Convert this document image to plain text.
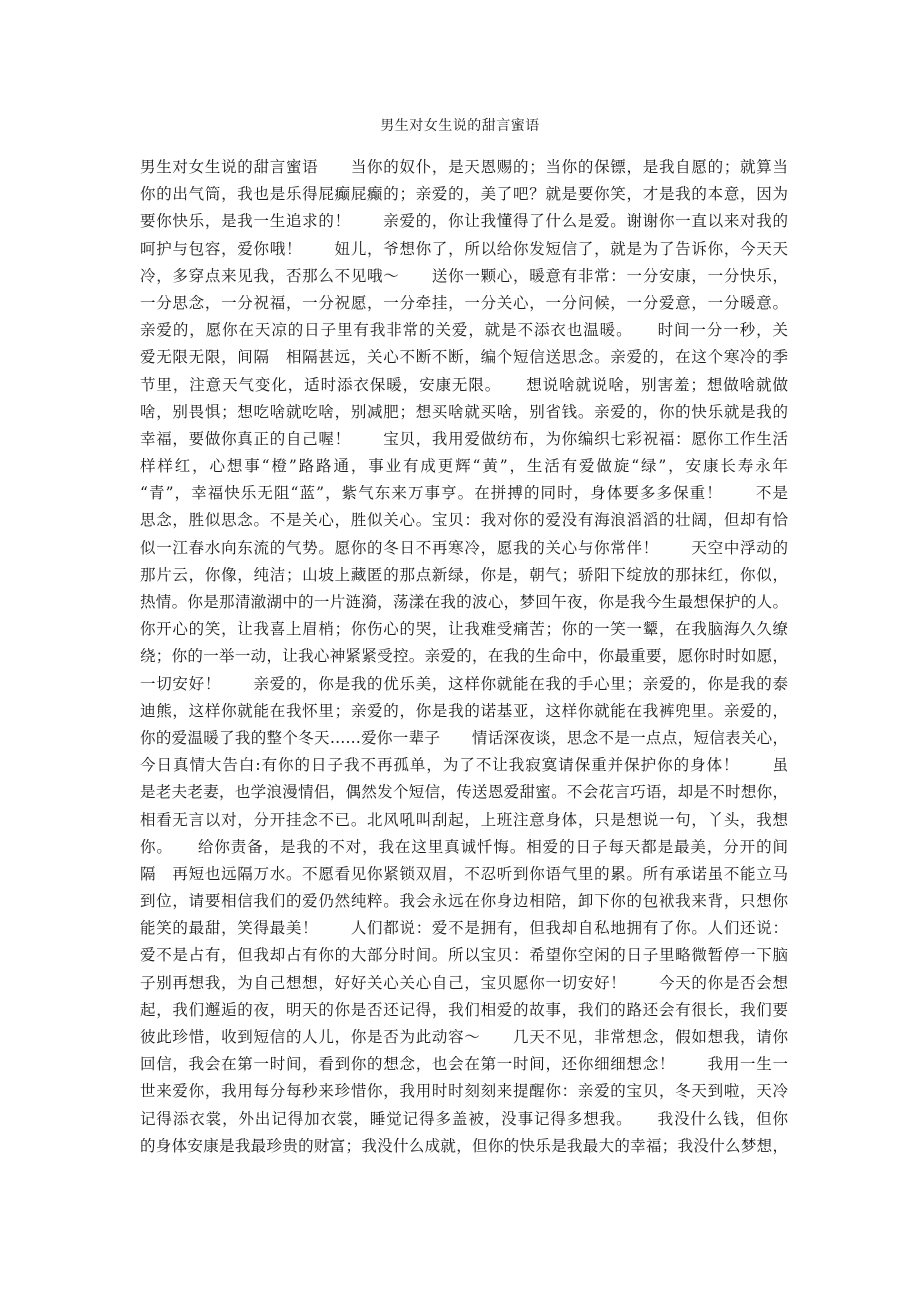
男生对女生说的甜言蜜语
男生对女生说的甜言蜜语　　当你的奴仆，是天恩赐的；当你的保镖，是我自愿的；就算当
你的出气筒，我也是乐得屁癫屁癫的；亲爱的，美了吧？就是要你笑，才是我的本意，因为
要你快乐，是我一生追求的！　　亲爱的，你让我懂得了什么是爱。谢谢你一直以来对我的
呵护与包容，爱你哦！　　妞儿，爷想你了，所以给你发短信了，就是为了告诉你，今天天
冷，多穿点来见我，否那么不见哦～　　送你一颗心，暖意有非常：一分安康，一分快乐，
一分思念，一分祝福，一分祝愿，一分牵挂，一分关心，一分问候，一分爱意，一分暖意。
亲爱的，愿你在天凉的日子里有我非常的关爱，就是不添衣也温暖。　　时间一分一秒，关
爱无限无限，间隔　相隔甚远，关心不断不断，编个短信送思念。亲爱的，在这个寒冷的季
节里，注意天气变化，适时添衣保暖，安康无限。　　想说啥就说啥，别害羞；想做啥就做
啥，别畏惧；想吃啥就吃啥，别减肥；想买啥就买啥，别省钱。亲爱的，你的快乐就是我的
幸福，要做你真正的自己喔！　　宝贝，我用爱做纺布，为你编织七彩祝福：愿你工作生活
样样红，心想事“橙”路路通，事业有成更辉“黄”，生活有爱做旋“绿”，安康长寿永年
“青”，幸福快乐无阻“蓝”，紫气东来万事亨。在拼搏的同时，身体要多多保重！　　不是
思念，胜似思念。不是关心，胜似关心。宝贝：我对你的爱没有海浪滔滔的壮阔，但却有恰
似一江春水向东流的气势。愿你的冬日不再寒冷，愿我的关心与你常伴！　　天空中浮动的
那片云，你像，纯洁；山坡上藏匿的那点新绿，你是，朝气；骄阳下绽放的那抹红，你似，
热情。你是那清澈湖中的一片涟漪，荡漾在我的波心，梦回午夜，你是我今生最想保护的人。
你开心的笑，让我喜上眉梢；你伤心的哭，让我难受痛苦；你的一笑一颦，在我脑海久久缭
绕；你的一举一动，让我心神紧紧受控。亲爱的，在我的生命中，你最重要，愿你时时如愿，
一切安好！　　亲爱的，你是我的优乐美，这样你就能在我的手心里；亲爱的，你是我的泰
迪熊，这样你就能在我怀里；亲爱的，你是我的诺基亚，这样你就能在我裤兜里。亲爱的，
你的爱温暖了我的整个冬天……爱你一辈子　　情话深夜谈，思念不是一点点，短信表关心，
今日真情大告白:有你的日子我不再孤单，为了不让我寂寞请保重并保护你的身体！　　虽
是老夫老妻，也学浪漫情侣，偶然发个短信，传送恩爱甜蜜。不会花言巧语，却是不时想你，
相看无言以对，分开挂念不已。北风吼叫刮起，上班注意身体，只是想说一句，丫头，我想
你。　　给你责备，是我的不对，我在这里真诚忏悔。相爱的日子每天都是最美，分开的间
隔　再短也远隔万水。不愿看见你紧锁双眉，不忍听到你语气里的累。所有承诺虽不能立马
到位，请要相信我们的爱仍然纯粹。我会永远在你身边相陪，卸下你的包袱我来背，只想你
能笑的最甜，笑得最美！　　人们都说：爱不是拥有，但我却自私地拥有了你。人们还说：
爱不是占有，但我却占有你的大部分时间。所以宝贝：希望你空闲的日子里略微暂停一下脑
子别再想我，为自己想想，好好关心关心自己，宝贝愿你一切安好！　　今天的你是否会想
起，我们邂逅的夜，明天的你是否还记得，我们相爱的故事，我们的路还会有很长，我们要
彼此珍惜，收到短信的人儿，你是否为此动容～　　几天不见，非常想念，假如想我，请你
回信，我会在第一时间，看到你的想念，也会在第一时间，还你细细想念！　　我用一生一
世来爱你，我用每分每秒来珍惜你，我用时时刻刻来提醒你：亲爱的宝贝，冬天到啦，天冷
记得添衣裳，外出记得加衣裳，睡觉记得多盖被，没事记得多想我。　　我没什么钱，但你
的身体安康是我最珍贵的财富；我没什么成就，但你的快乐是我最大的幸福；我没什么梦想，
